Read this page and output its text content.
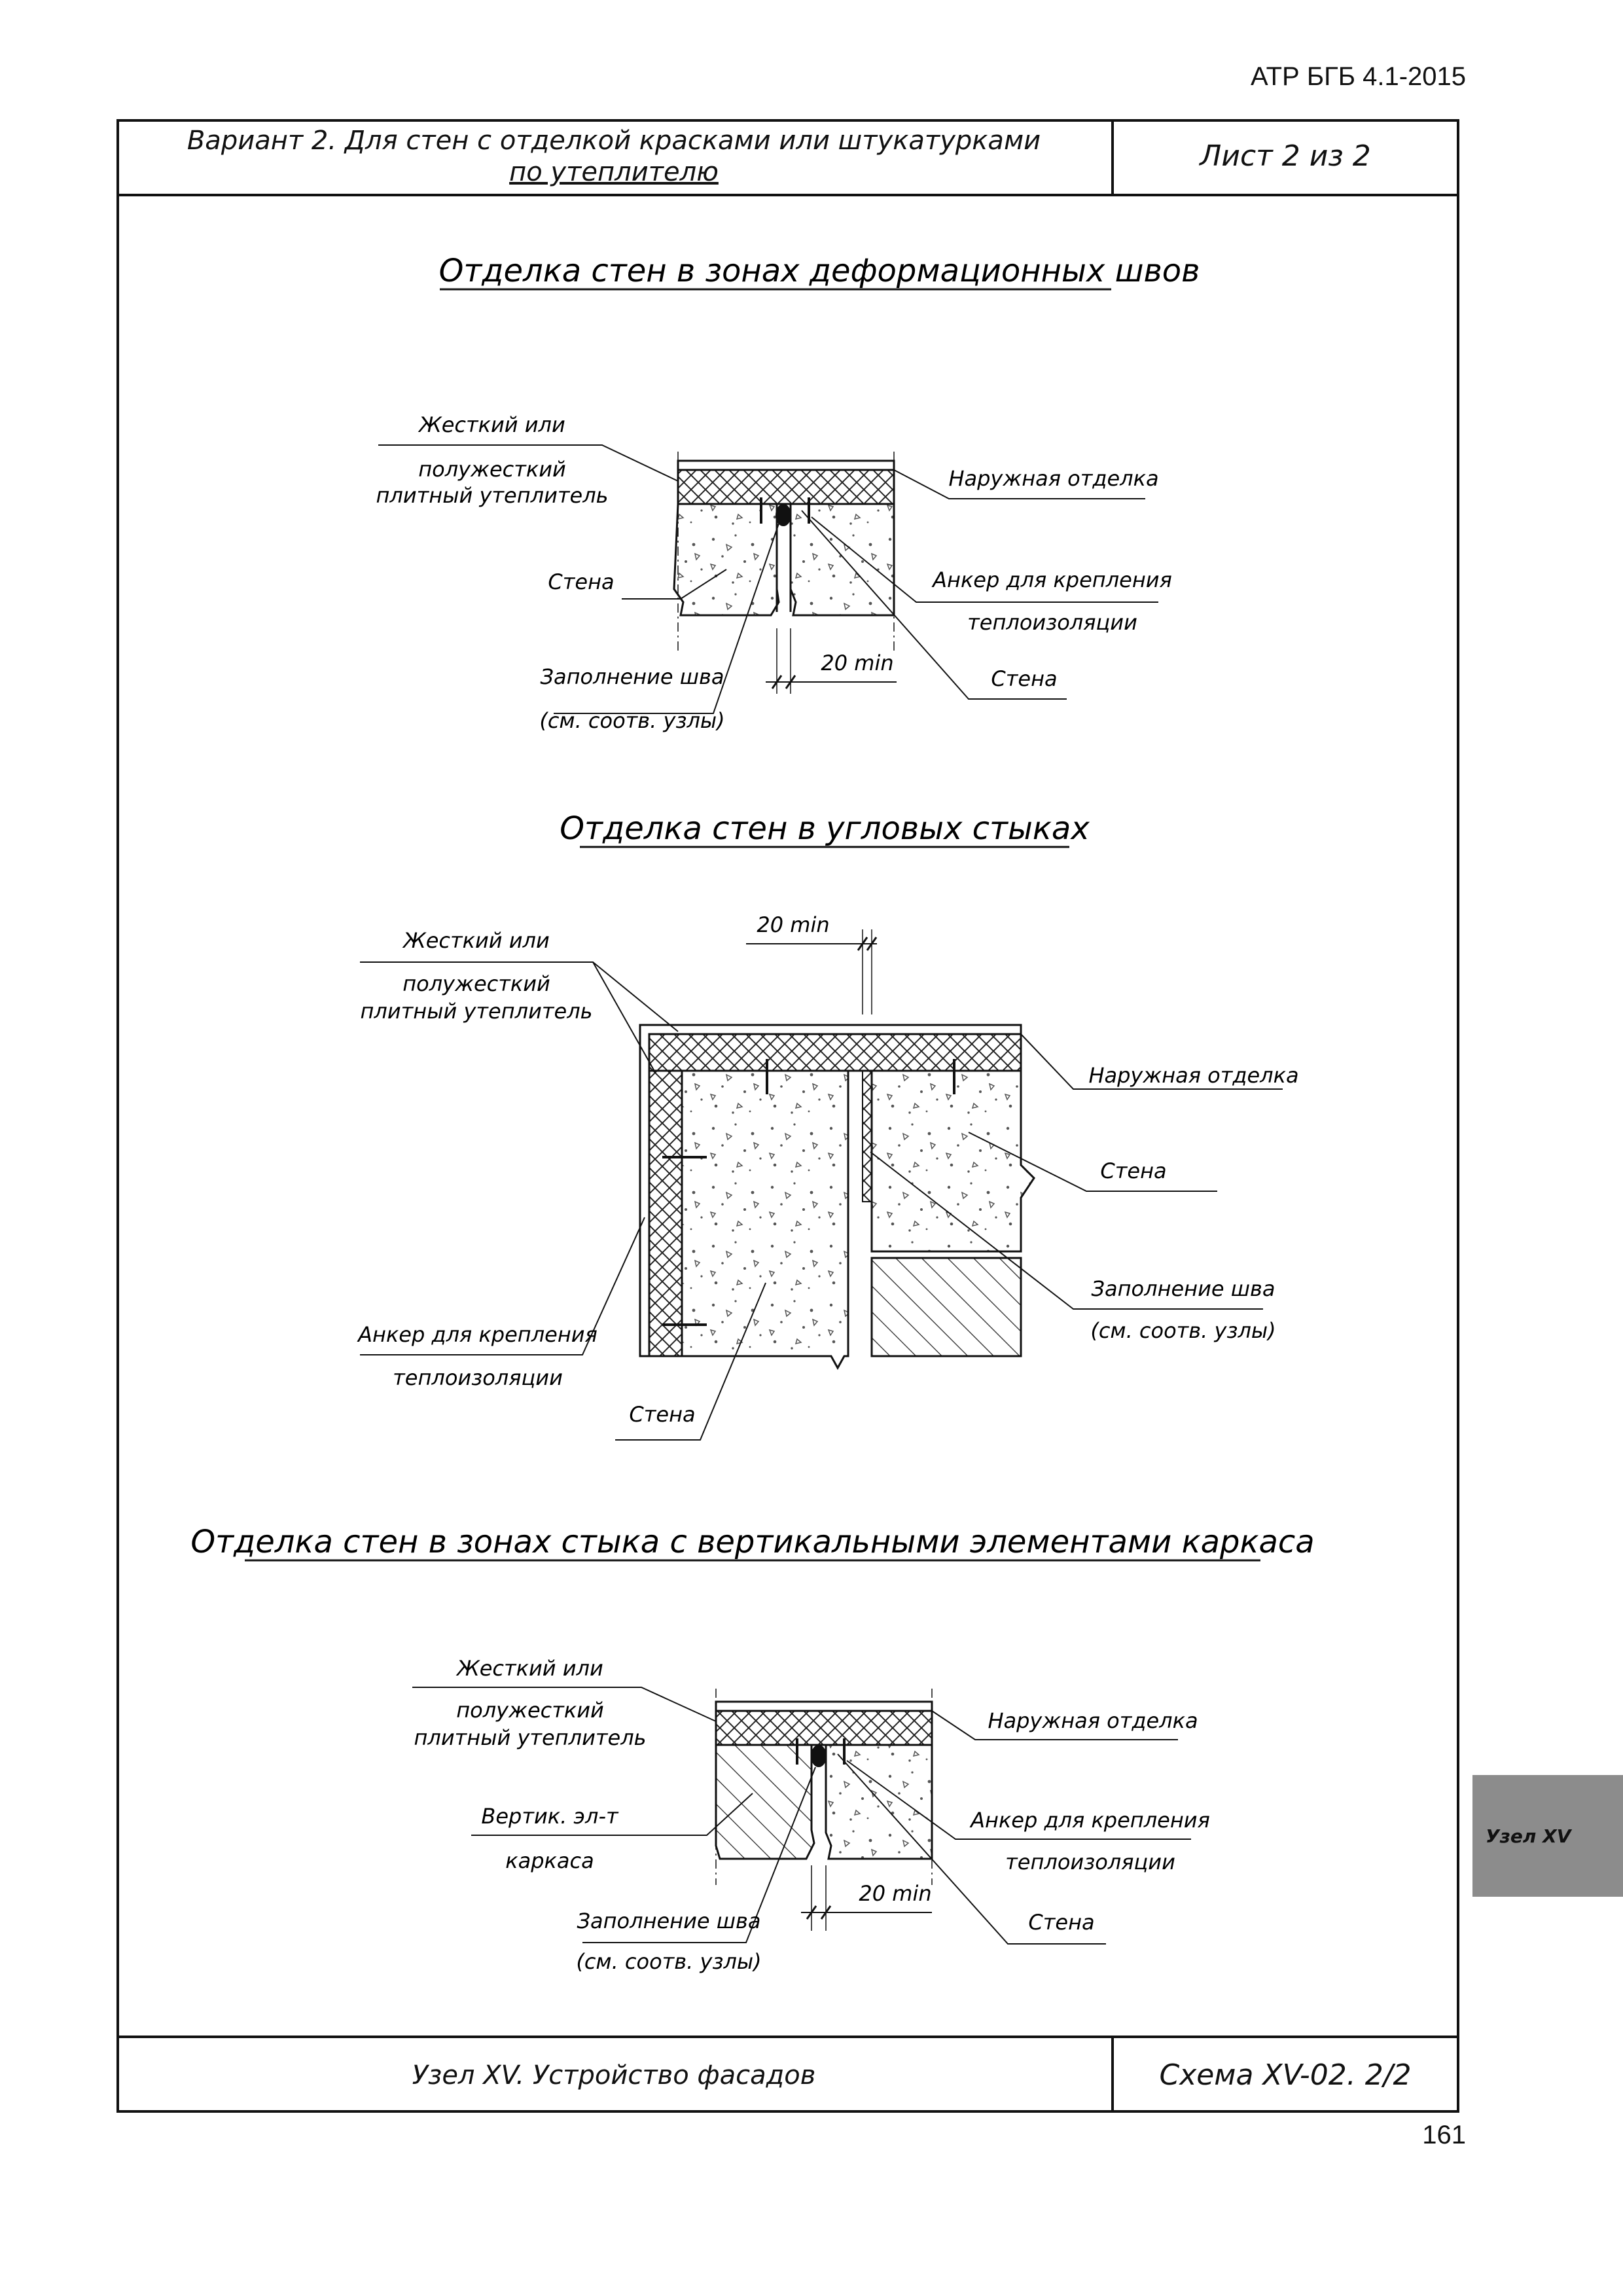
АТР БГБ 4.1-2015
Вариант 2. Для стен с отделкой красками или штукатурками
по утеплителю	Лист 2 из 2
Узел XV. Устройство фасадов	Схема XV-02. 2/2
161
Узел XV
Отделка стен в зонах деформационных швов
Жесткий или
полужесткий
плитный утеплитель
Стена
Заполнение шва
(см. соотв. узлы)
20 min
Наружная отделка
Анкер для крепления
теплоизоляции
Стена
Отделка стен в угловых стыках
20 min
Жесткий или
полужесткий
плитный утеплитель
Наружная отделка
Стена
Заполнение шва
(см. соотв. узлы)
Анкер для крепления
теплоизоляции
Стена
Отделка стен в зонах стыка с вертикальными элементами каркаса
Жесткий или
полужесткий
плитный утеплитель
Вертик. эл-т
каркаса
Заполнение шва
(см. соотв. узлы)
20 min
Наружная отделка
Анкер для крепления
теплоизоляции
Стена
